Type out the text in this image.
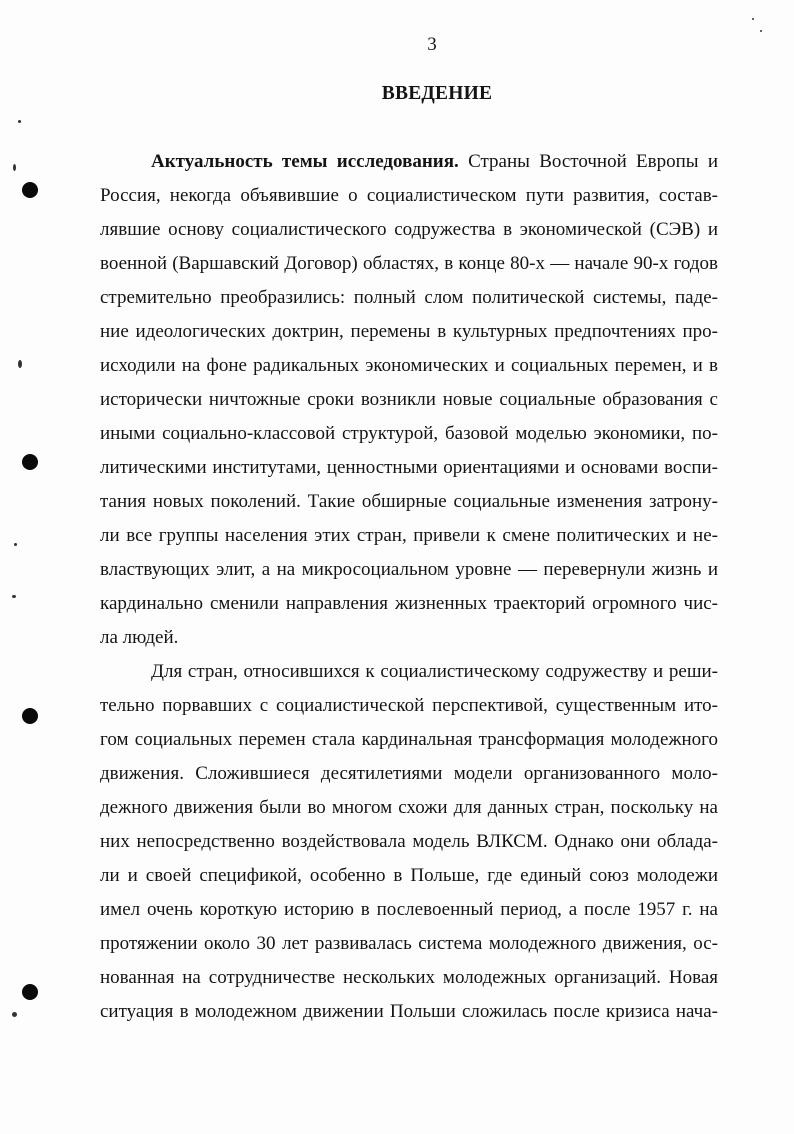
3
ВВЕДЕНИЕ
Актуальность темы исследования. Страны Восточной Европы и
Россия, некогда объявившие о социалистическом пути развития, состав-
лявшие основу социалистического содружества в экономической (СЭВ) и
военной (Варшавский Договор) областях, в конце 80-х — начале 90-х годов
стремительно преобразились: полный слом политической системы, паде-
ние идеологических доктрин, перемены в культурных предпочтениях про-
исходили на фоне радикальных экономических и социальных перемен, и в
исторически ничтожные сроки возникли новые социальные образования с
иными социально-классовой структурой, базовой моделью экономики, по-
литическими институтами, ценностными ориентациями и основами воспи-
тания новых поколений. Такие обширные социальные изменения затрону-
ли все группы населения этих стран, привели к смене политических и не-
властвующих элит, а на микросоциальном уровне — перевернули жизнь и
кардинально сменили направления жизненных траекторий огромного чис-
ла людей.
Для стран, относившихся к социалистическому содружеству и реши-
тельно порвавших с социалистической перспективой, существенным ито-
гом социальных перемен стала кардинальная трансформация молодежного
движения. Сложившиеся десятилетиями модели организованного моло-
дежного движения были во многом схожи для данных стран, поскольку на
них непосредственно воздействовала модель ВЛКСМ. Однако они облада-
ли и своей спецификой, особенно в Польше, где единый союз молодежи
имел очень короткую историю в послевоенный период, а после 1957 г. на
протяжении около 30 лет развивалась система молодежного движения, ос-
нованная на сотрудничестве нескольких молодежных организаций. Новая
ситуация в молодежном движении Польши сложилась после кризиса нача-
